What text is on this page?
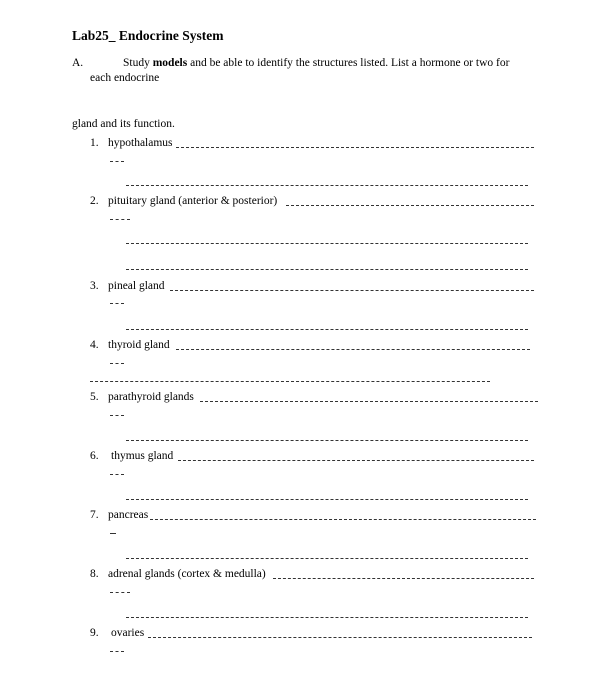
Lab25_ Endocrine System
A.	Study models and be able to identify the structures listed. List a hormone or two for
each endocrine
gland and its function.
1. hypothalamus
2. pituitary gland (anterior & posterior)
3. pineal gland
4. thyroid gland
5. parathyroid glands
6. thymus gland
7. pancreas
8. adrenal glands (cortex & medulla)
9. ovaries
